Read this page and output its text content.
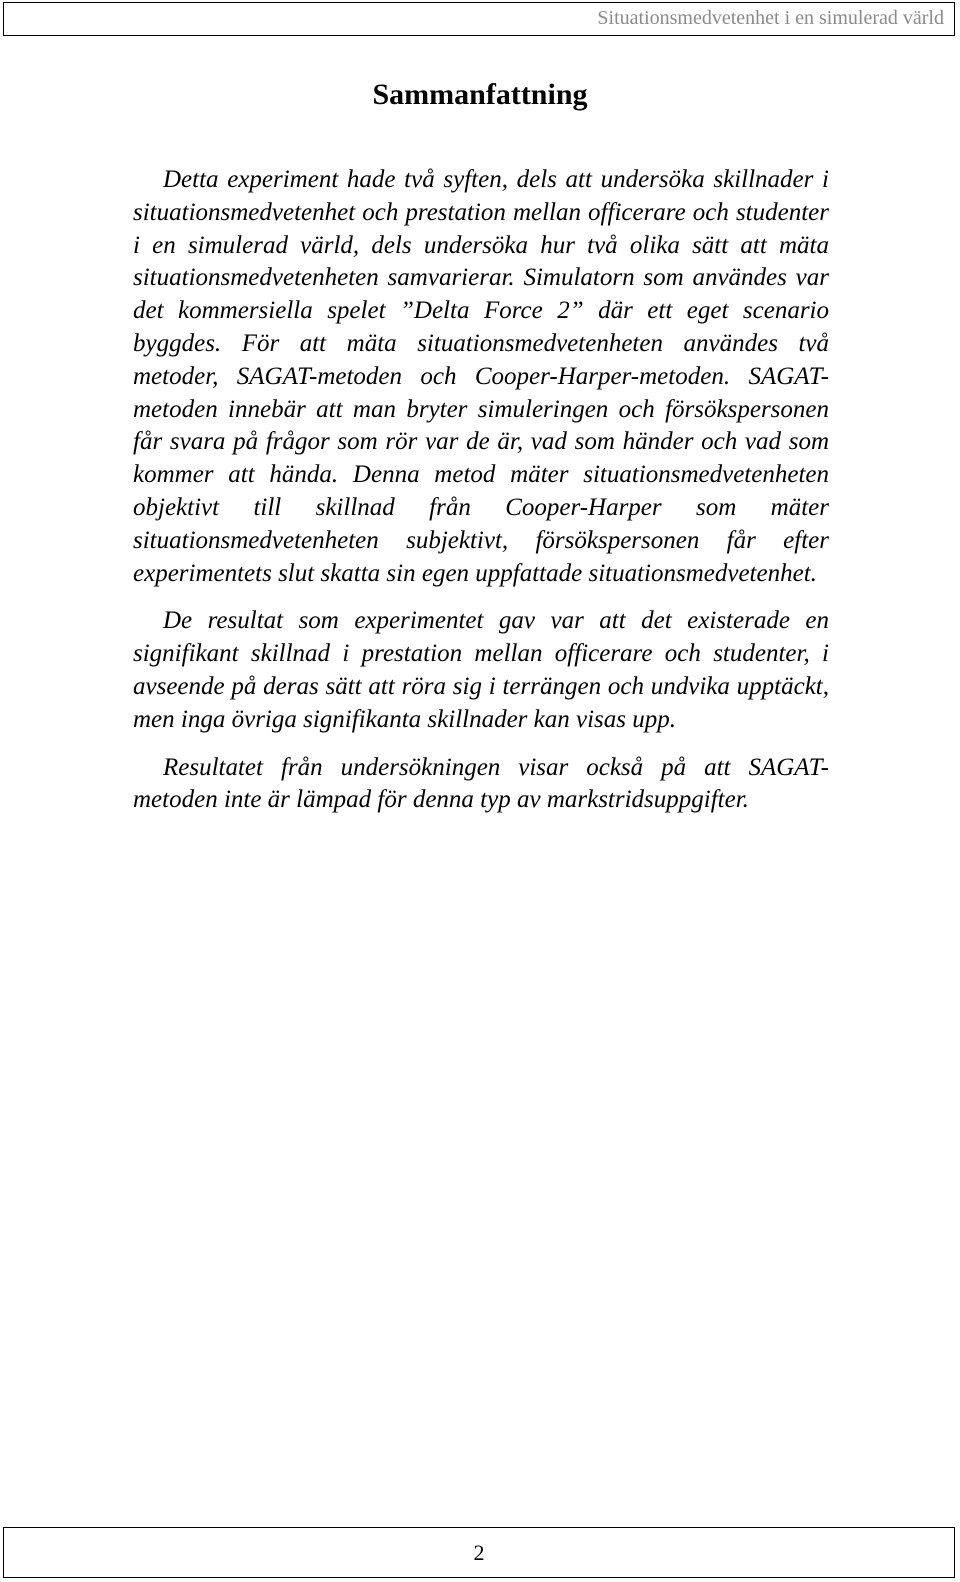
Situationsmedvetenhet i en simulerad värld
Sammanfattning

Detta experiment hade två syften, dels att undersöka skillnader i situationsmedvetenhet och prestation mellan officerare och studenter i en simulerad värld, dels undersöka hur två olika sätt att mäta situationsmedvetenheten samvarierar. Simulatorn som användes var det kommersiella spelet ”Delta Force 2” där ett eget scenario byggdes. För att mäta situationsmedvetenheten användes två metoder, SAGAT-metoden och Cooper-Harper-metoden. SAGAT-metoden innebär att man bryter simuleringen och försökspersonen får svara på frågor som rör var de är, vad som händer och vad som kommer att hända. Denna metod mäter situationsmedvetenheten objektivt till skillnad från Cooper-Harper som mäter situationsmedvetenheten subjektivt, försökspersonen får efter experimentets slut skatta sin egen uppfattade situationsmedvetenhet.

De resultat som experimentet gav var att det existerade en signifikant skillnad i prestation mellan officerare och studenter, i avseende på deras sätt att röra sig i terrängen och undvika upptäckt, men inga övriga signifikanta skillnader kan visas upp.

Resultatet från undersökningen visar också på att SAGAT-metoden inte är lämpad för denna typ av markstridsuppgifter.

2
